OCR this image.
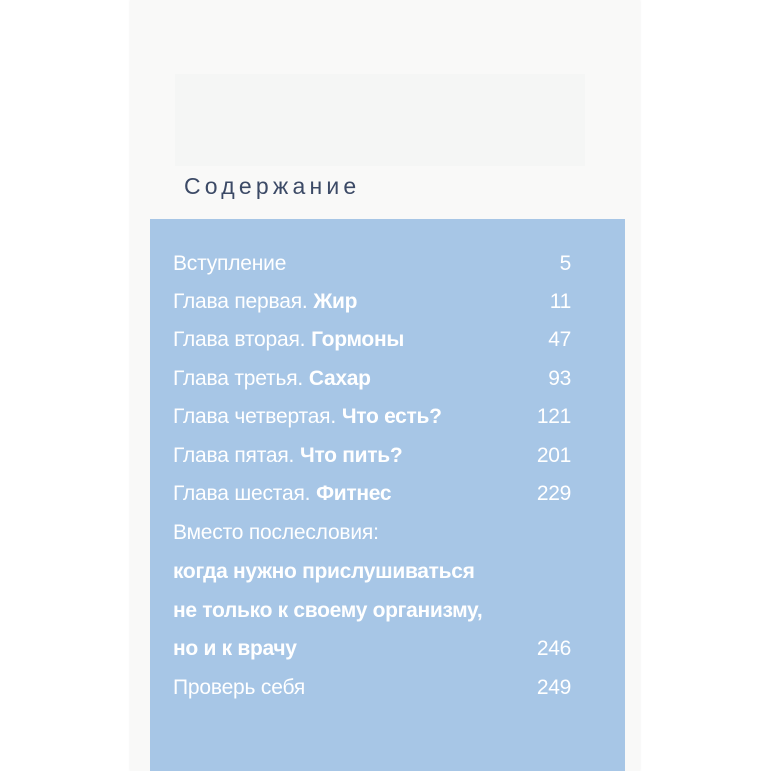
Содержание
Вступление	5
Глава первая. Жир	11
Глава вторая. Гормоны	47
Глава третья. Сахар	93
Глава четвертая. Что есть?	121
Глава пятая. Что пить?	201
Глава шестая. Фитнес	229
Вместо послесловия:
когда нужно прислушиваться
не только к своему организму,
но и к врачу	246
Проверь себя	249
